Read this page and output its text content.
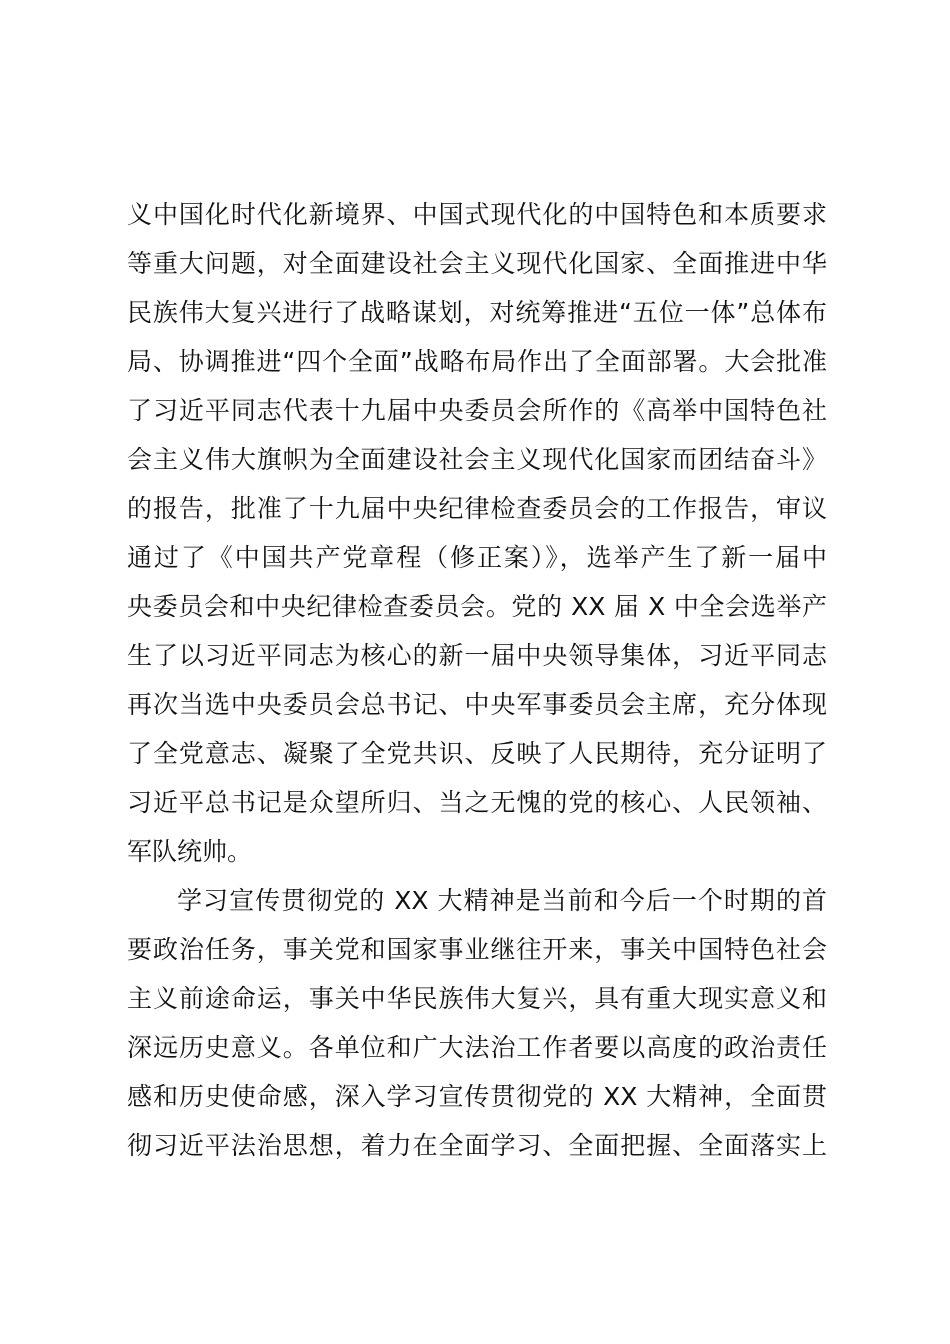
义中国化时代化新境界、中国式现代化的中国特色和本质要求
等重大问题，对全面建设社会主义现代化国家、全面推进中华
民族伟大复兴进行了战略谋划，对统筹推进“五位一体”总体布
局、协调推进“四个全面”战略布局作出了全面部署。大会批准
了习近平同志代表十九届中央委员会所作的《高举中国特色社
会主义伟大旗帜为全面建设社会主义现代化国家而团结奋斗》
的报告，批准了十九届中央纪律检查委员会的工作报告，审议
通过了《中国共产党章程（修正案）》，选举产生了新一届中
央委员会和中央纪律检查委员会。党的 XX 届 X 中全会选举产
生了以习近平同志为核心的新一届中央领导集体，习近平同志
再次当选中央委员会总书记、中央军事委员会主席，充分体现
了全党意志、凝聚了全党共识、反映了人民期待，充分证明了
习近平总书记是众望所归、当之无愧的党的核心、人民领袖、
军队统帅。
学习宣传贯彻党的 XX 大精神是当前和今后一个时期的首
要政治任务，事关党和国家事业继往开来，事关中国特色社会
主义前途命运，事关中华民族伟大复兴，具有重大现实意义和
深远历史意义。各单位和广大法治工作者要以高度的政治责任
感和历史使命感，深入学习宣传贯彻党的 XX 大精神，全面贯
彻习近平法治思想，着力在全面学习、全面把握、全面落实上
